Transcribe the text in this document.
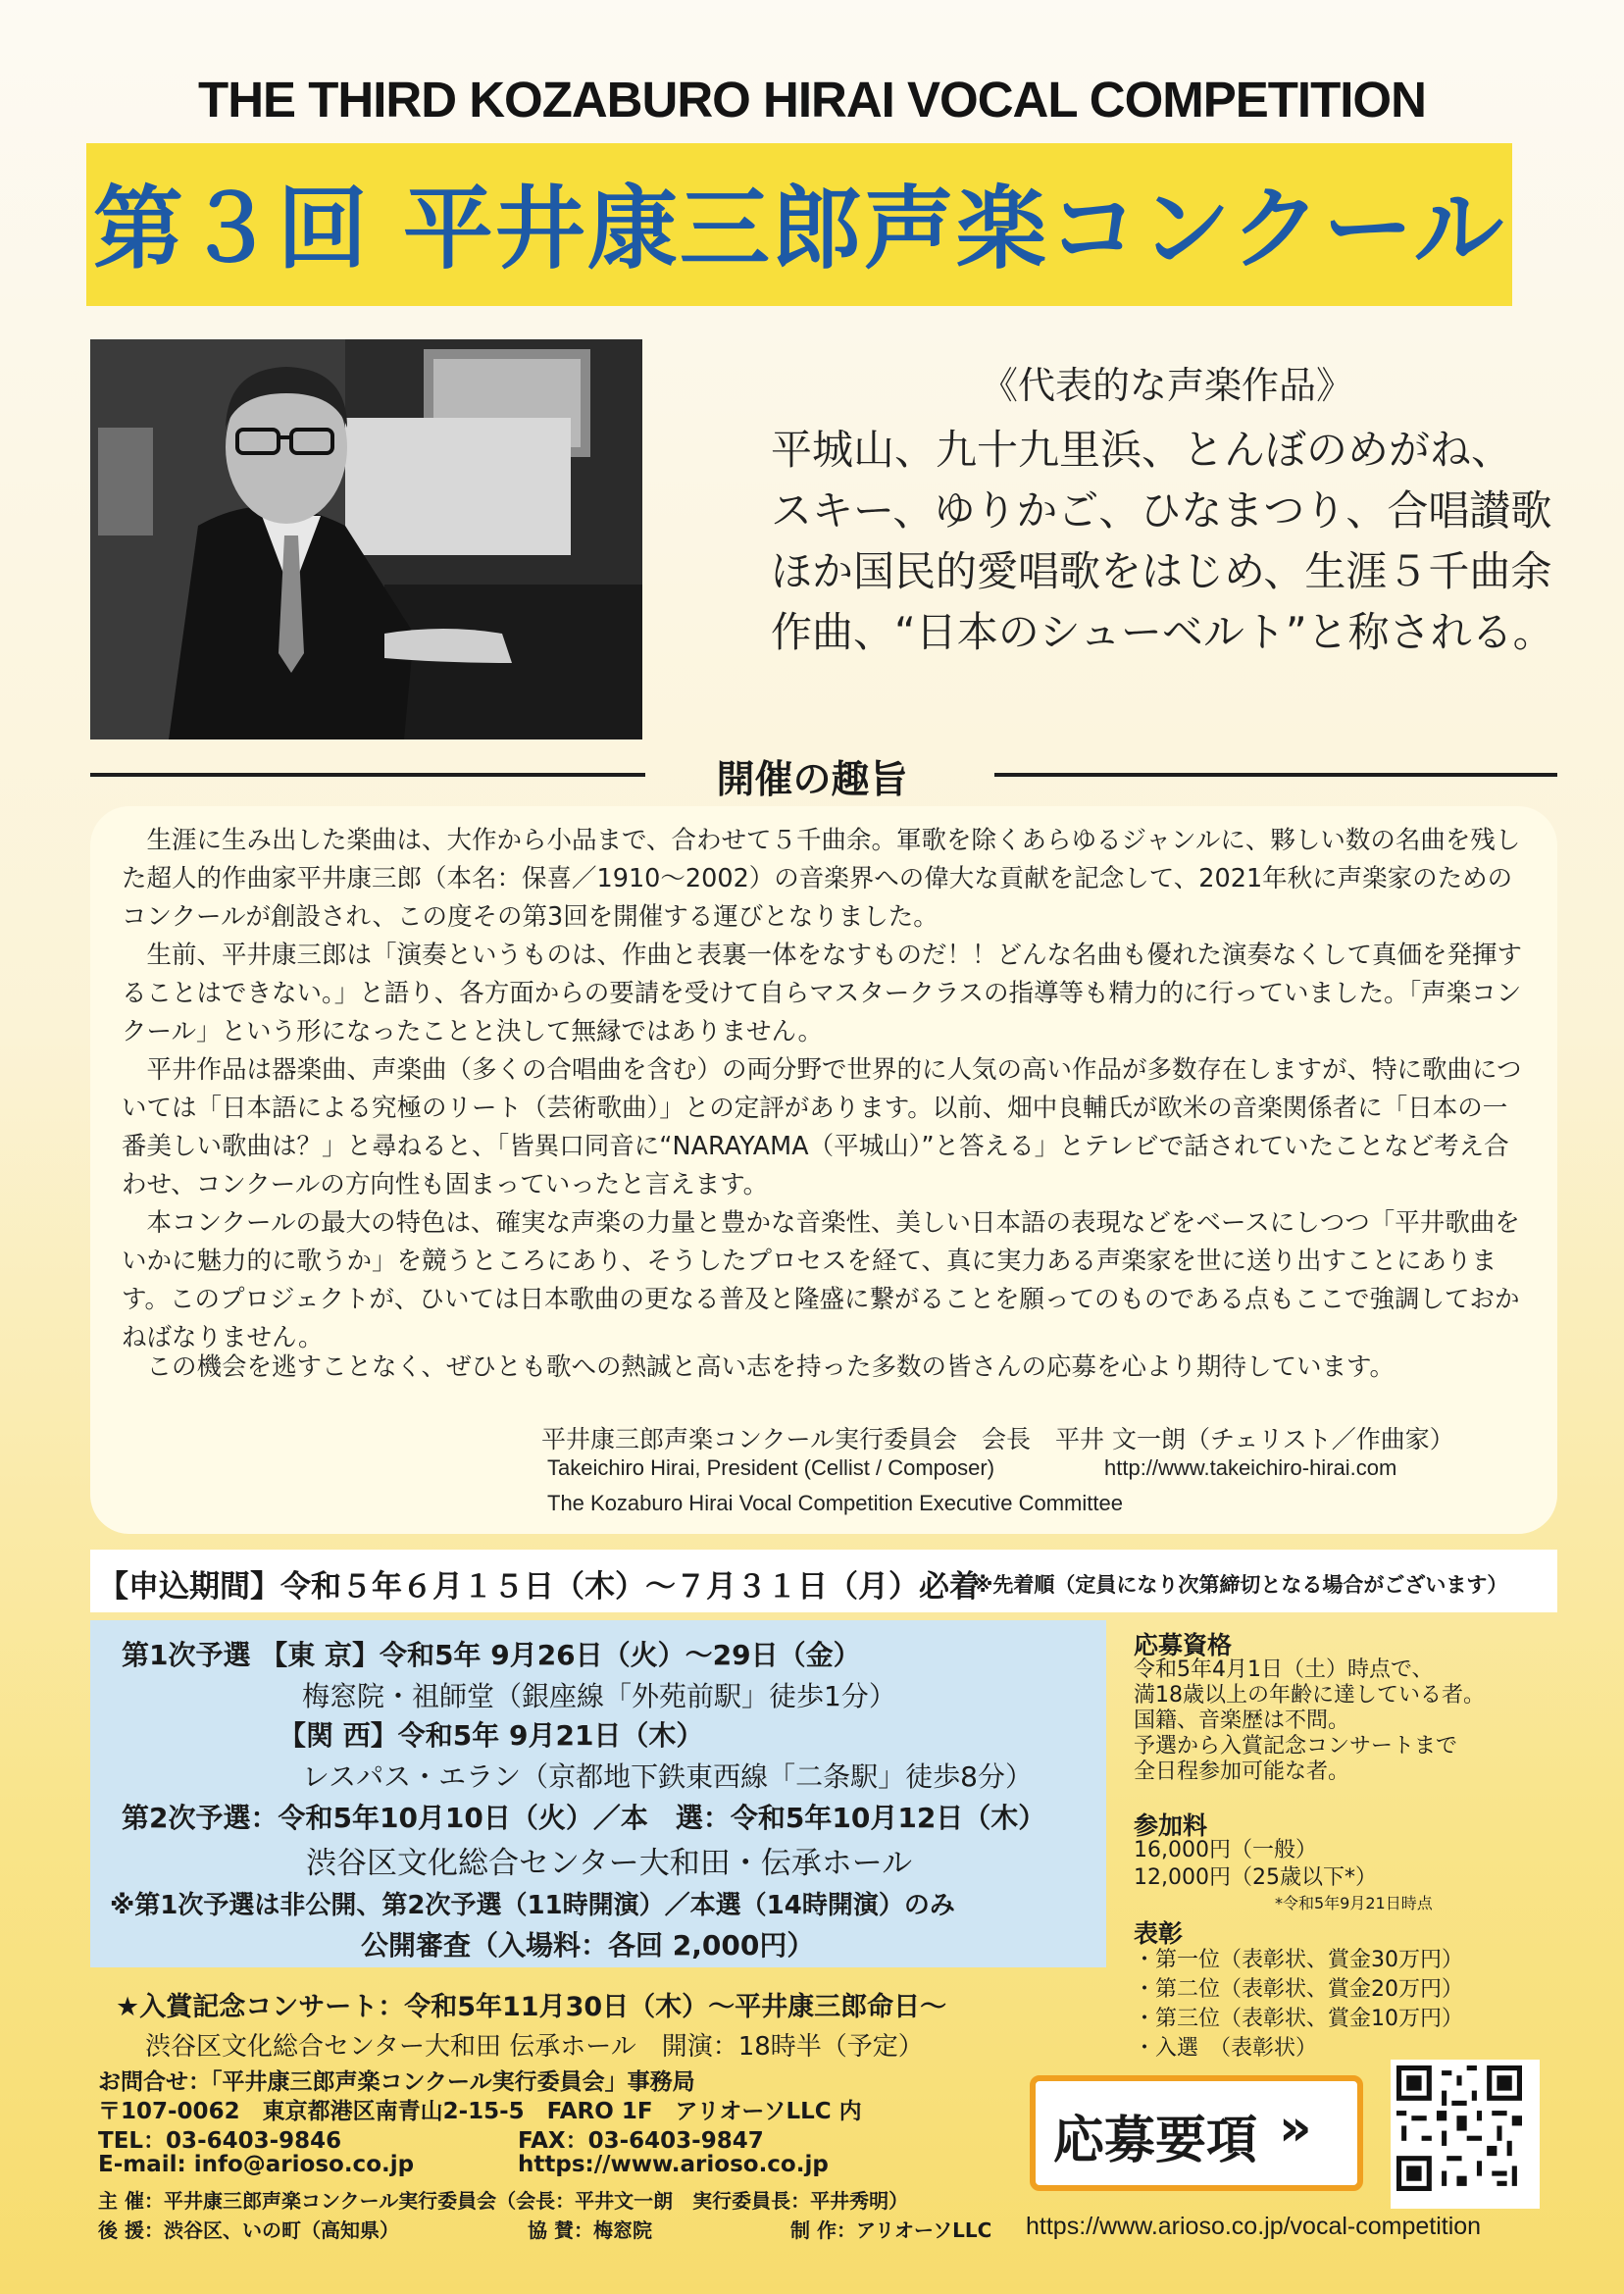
THE THIRD KOZABURO HIRAI VOCAL COMPETITION
第３回 平井康三郎声楽コンクール
《代表的な声楽作品》
平城山、九十九里浜、とんぼのめがね、
スキー、ゆりかご、ひなまつり、合唱讃歌
ほか国民的愛唱歌をはじめ、生涯５千曲余
作曲、“日本のシューベルト”と称される。
開催の趣旨

生涯に生み出した楽曲は、大作から小品まで、合わせて５千曲余。軍歌を除くあらゆるジャンルに、夥しい数の名曲を残した超人的作曲家平井康三郎（本名：保喜／1910〜2002）の音楽界への偉大な貢献を記念して、2021年秋に声楽家のためのコンクールが創設され、この度その第3回を開催する運びとなりました。

生前、平井康三郎は「演奏というものは、作曲と表裏一体をなすものだ！！どんな名曲も優れた演奏なくして真価を発揮することはできない。」と語り、各方面からの要請を受けて自らマスタークラスの指導等も精力的に行っていました。「声楽コンクール」という形になったことと決して無縁ではありません。

平井作品は器楽曲、声楽曲（多くの合唱曲を含む）の両分野で世界的に人気の高い作品が多数存在しますが、特に歌曲については「日本語による究極のリート（芸術歌曲）」との定評があります。以前、畑中良輔氏が欧米の音楽関係者に「日本の一番美しい歌曲は？」と尋ねると、「皆異口同音に“NARAYAMA（平城山）”と答える」とテレビで話されていたことなど考え合わせ、コンクールの方向性も固まっていったと言えます。

本コンクールの最大の特色は、確実な声楽の力量と豊かな音楽性、美しい日本語の表現などをベースにしつつ「平井歌曲をいかに魅力的に歌うか」を競うところにあり、そうしたプロセスを経て、真に実力ある声楽家を世に送り出すことにあります。このプロジェクトが、ひいては日本歌曲の更なる普及と隆盛に繋がることを願ってのものである点もここで強調しておかねばなりません。

この機会を逃すことなく、ぜひとも歌への熱誠と高い志を持った多数の皆さんの応募を心より期待しています。

平井康三郎声楽コンクール実行委員会　会長　平井 文一朗（チェリスト／作曲家）
Takeichiro Hirai, President (Cellist / Composer)	http://www.takeichiro-hirai.com
The Kozaburo Hirai Vocal Competition Executive Committee
【申込期間】令和５年６月１５日（木）〜７月３１日（月）必着
※先着順（定員になり次第締切となる場合がございます）
第1次予選 【東 京】令和5年 9月26日（火）〜29日（金）
梅窓院・祖師堂（銀座線「外苑前駅」徒歩1分）
【関 西】令和5年 9月21日（木）
レスパス・エラン（京都地下鉄東西線「二条駅」徒歩8分）
第2次予選：令和5年10月10日（火）／本　選：令和5年10月12日（木）
渋谷区文化総合センター大和田・伝承ホール
※第1次予選は非公開、第2次予選（11時開演）／本選（14時開演）のみ
公開審査（入場料：各回 2,000円）
応募資格
令和5年4月1日（土）時点で、
満18歳以上の年齢に達している者。
国籍、音楽歴は不問。
予選から入賞記念コンサートまで
全日程参加可能な者。
参加料
16,000円（一般）
12,000円（25歳以下*）
*令和5年9月21日時点
表彰
・第一位（表彰状、賞金30万円）
・第二位（表彰状、賞金20万円）
・第三位（表彰状、賞金10万円）
・入選　（表彰状）
★入賞記念コンサート：令和5年11月30日（木）〜平井康三郎命日〜
渋谷区文化総合センター大和田 伝承ホール　開演：18時半（予定）
お問合せ：「平井康三郎声楽コンクール実行委員会」事務局
〒107-0062　東京都港区南青山2-15-5　FARO 1F　アリオーソLLC 内
TEL：03-6403-9846	FAX：03-6403-9847
E-mail: info@arioso.co.jp	https://www.arioso.co.jp
主 催：平井康三郎声楽コンクール実行委員会（会長：平井文一朗　実行委員長：平井秀明）
後 援：渋谷区、いの町（高知県）	協 賛：梅窓院	制 作：アリオーソLLC
応募要項 »
https://www.arioso.co.jp/vocal-competition
